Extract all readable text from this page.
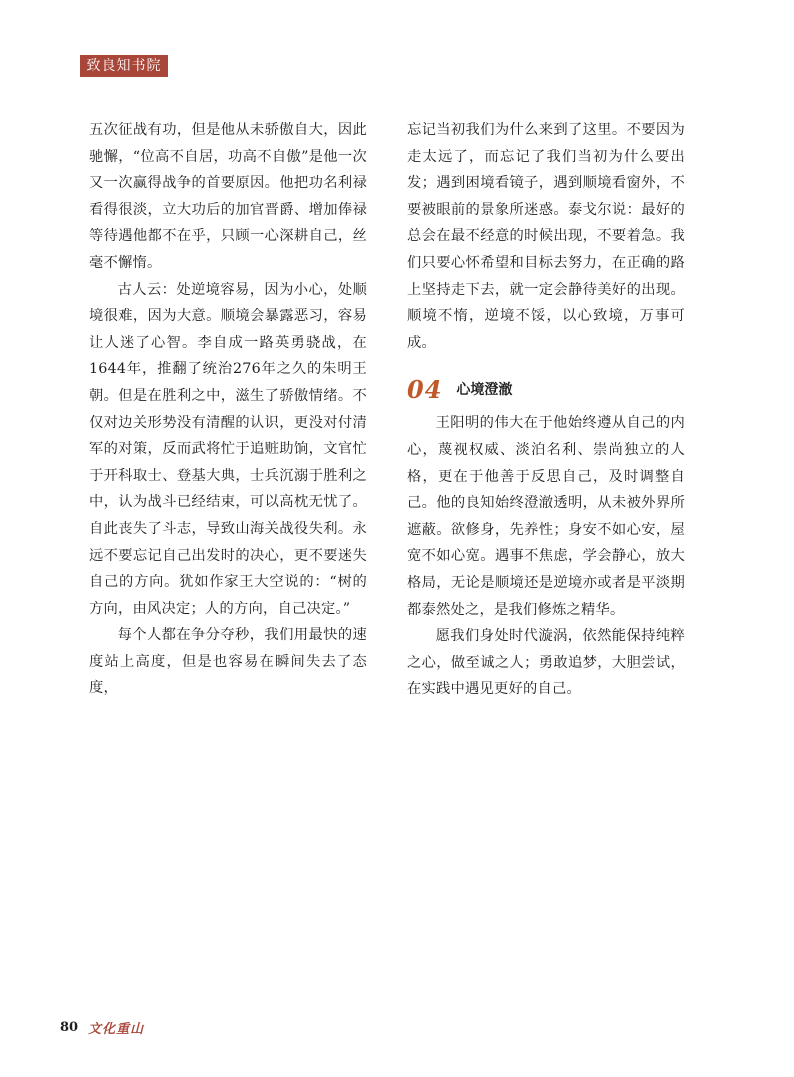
致良知书院

五次征战有功，但是他从未骄傲自大，因此驰懈，“位高不自居，功高不自傲”是他一次又一次赢得战争的首要原因。他把功名利禄看得很淡，立大功后的加官晋爵、增加俸禄等待遇他都不在乎，只顾一心深耕自己，丝毫不懈惰。

古人云：处逆境容易，因为小心，处顺境很难，因为大意。顺境会暴露恶习，容易让人迷了心智。李自成一路英勇骁战，在1644年，推翻了统治276年之久的朱明王朝。但是在胜利之中，滋生了骄傲情绪。不仅对边关形势没有清醒的认识，更没对付清军的对策，反而武将忙于追赃助饷，文官忙于开科取士、登基大典，士兵沉溺于胜利之中，认为战斗已经结束，可以高枕无忧了。自此丧失了斗志，导致山海关战役失利。永远不要忘记自己出发时的决心，更不要迷失自己的方向。犹如作家王大空说的：“树的方向，由风决定；人的方向，自己决定。”

每个人都在争分夺秒，我们用最快的速度站上高度，但是也容易在瞬间失去了态度，

忘记当初我们为什么来到了这里。不要因为走太远了，而忘记了我们当初为什么要出发；遇到困境看镜子，遇到顺境看窗外，不要被眼前的景象所迷惑。泰戈尔说：最好的总会在最不经意的时候出现，不要着急。我们只要心怀希望和目标去努力，在正确的路上坚持走下去，就一定会静待美好的出现。顺境不惰，逆境不馁，以心致境，万事可成。

04 心境澄澈

王阳明的伟大在于他始终遵从自己的内心，蔑视权威、淡泊名利、崇尚独立的人格，更在于他善于反思自己，及时调整自己。他的良知始终澄澈透明，从未被外界所遮蔽。欲修身，先养性；身安不如心安，屋宽不如心宽。遇事不焦虑，学会静心，放大格局，无论是顺境还是逆境亦或者是平淡期都泰然处之，是我们修炼之精华。

愿我们身处时代漩涡，依然能保持纯粹之心，做至诚之人；勇敢追梦，大胆尝试，在实践中遇见更好的自己。

80 文化重山
